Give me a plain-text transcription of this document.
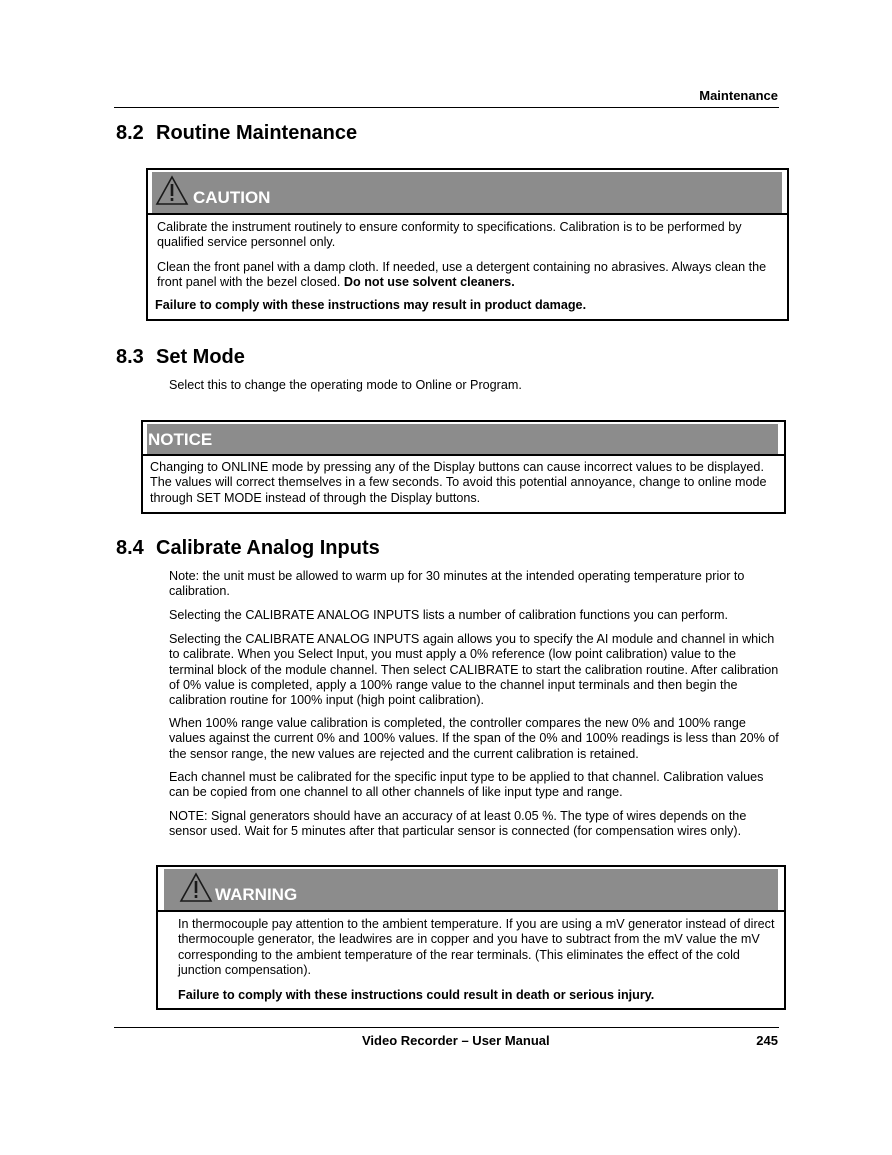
Maintenance
8.2 Routine Maintenance
CAUTION

Calibrate the instrument routinely to ensure conformity to specifications. Calibration is to be performed by qualified service personnel only.

Clean the front panel with a damp cloth. If needed, use a detergent containing no abrasives. Always clean the front panel with the bezel closed. Do not use solvent cleaners.

Failure to comply with these instructions may result in product damage.

8.3 Set Mode

Select this to change the operating mode to Online or Program.

NOTICE

Changing to ONLINE mode by pressing any of the Display buttons can cause incorrect values to be displayed. The values will correct themselves in a few seconds. To avoid this potential annoyance, change to online mode through SET MODE instead of through the Display buttons.

8.4 Calibrate Analog Inputs

Note: the unit must be allowed to warm up for 30 minutes at the intended operating temperature prior to calibration.

Selecting the CALIBRATE ANALOG INPUTS lists a number of calibration functions you can perform.

Selecting the CALIBRATE ANALOG INPUTS again allows you to specify the AI module and channel in which to calibrate. When you Select Input, you must apply a 0% reference (low point calibration) value to the terminal block of the module channel. Then select CALIBRATE to start the calibration routine. After calibration of 0% value is completed, apply a 100% range value to the channel input terminals and then begin the calibration routine for 100% input (high point calibration).

When 100% range value calibration is completed, the controller compares the new 0% and 100% range values against the current 0% and 100% values. If the span of the 0% and 100% readings is less than 20% of the sensor range, the new values are rejected and the current calibration is retained.

Each channel must be calibrated for the specific input type to be applied to that channel. Calibration values can be copied from one channel to all other channels of like input type and range.

NOTE: Signal generators should have an accuracy of at least 0.05 %. The type of wires depends on the sensor used. Wait for 5 minutes after that particular sensor is connected (for compensation wires only).

WARNING

In thermocouple pay attention to the ambient temperature. If you are using a mV generator instead of direct thermocouple generator, the leadwires are in copper and you have to subtract from the mV value the mV corresponding to the ambient temperature of the rear terminals. (This eliminates the effect of the cold junction compensation).

Failure to comply with these instructions could result in death or serious injury.

Video Recorder – User Manual	245
